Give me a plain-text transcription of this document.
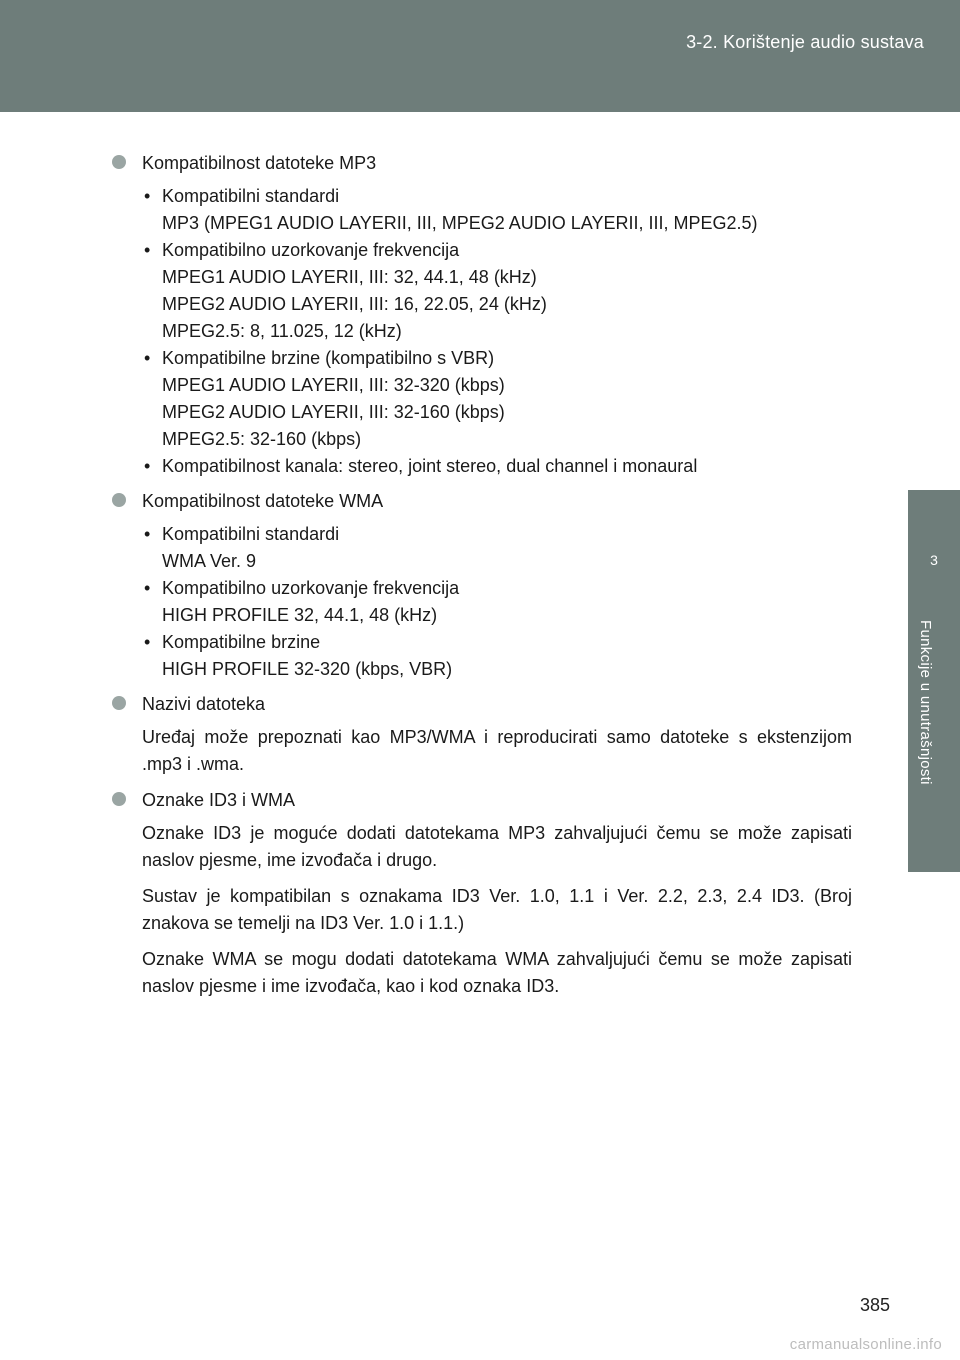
3-2. Korištenje audio sustava
3
Funkcije u unutrašnjosti
Kompatibilnost datoteke MP3
• Kompatibilni standardi
MP3 (MPEG1 AUDIO LAYERII, III, MPEG2 AUDIO LAYERII, III, MPEG2.5)
• Kompatibilno uzorkovanje frekvencija
MPEG1 AUDIO LAYERII, III: 32, 44.1, 48 (kHz)
MPEG2 AUDIO LAYERII, III: 16, 22.05, 24 (kHz)
MPEG2.5: 8, 11.025, 12 (kHz)
• Kompatibilne brzine (kompatibilno s VBR)
MPEG1 AUDIO LAYERII, III: 32-320 (kbps)
MPEG2 AUDIO LAYERII, III: 32-160 (kbps)
MPEG2.5: 32-160 (kbps)
• Kompatibilnost kanala: stereo, joint stereo, dual channel i monaural
Kompatibilnost datoteke WMA
• Kompatibilni standardi
WMA Ver. 9
• Kompatibilno uzorkovanje frekvencija
HIGH PROFILE 32, 44.1, 48 (kHz)
• Kompatibilne brzine
HIGH PROFILE 32-320 (kbps, VBR)
Nazivi datoteka

Uređaj može prepoznati kao MP3/WMA i reproducirati samo datoteke s ekstenzijom .mp3 i .wma.

Oznake ID3 i WMA

Oznake ID3 je moguće dodati datotekama MP3 zahvaljujući čemu se može zapisati naslov pjesme, ime izvođača i drugo.

Sustav je kompatibilan s oznakama ID3 Ver. 1.0, 1.1 i Ver. 2.2, 2.3, 2.4 ID3. (Broj znakova se temelji na ID3 Ver. 1.0 i 1.1.)

Oznake WMA se mogu dodati datotekama WMA zahvaljujući čemu se može zapisati naslov pjesme i ime izvođača, kao i kod oznaka ID3.

385
carmanualsonline.info
